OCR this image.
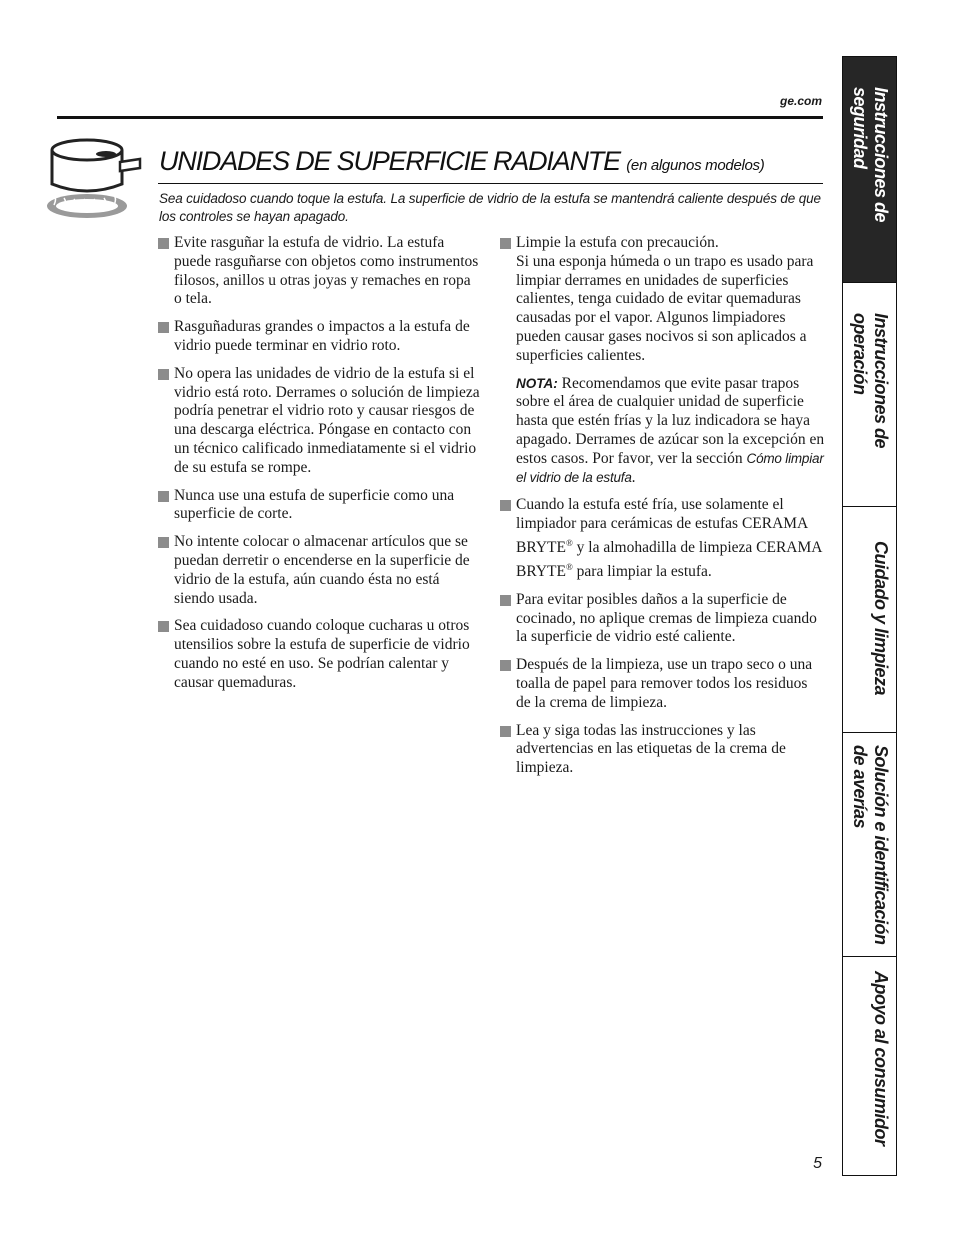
ge.com
UNIDADES DE SUPERFICIE RADIANTE (en algunos modelos)
Sea cuidadoso cuando toque la estufa. La superficie de vidrio de la estufa se mantendrá caliente después de que los controles se hayan apagado.
Evite rasguñar la estufa de vidrio. La estufa puede rasguñarse con objetos como instrumentos filosos, anillos u otras joyas y remaches en ropa o tela.
Rasguñaduras grandes o impactos a la estufa de vidrio puede terminar en vidrio roto.
No opera las unidades de vidrio de la estufa si el vidrio está roto. Derrames o solución de limpieza podría penetrar el vidrio roto y causar riesgos de una descarga eléctrica. Póngase en contacto con un técnico calificado inmediatamente si el vidrio de su estufa se rompe.
Nunca use una estufa de superficie como una superficie de corte.
No intente colocar o almacenar artículos que se puedan derretir o encenderse en la superficie de vidrio de la estufa, aún cuando ésta no está siendo usada.
Sea cuidadoso cuando coloque cucharas u otros utensilios sobre la estufa de superficie de vidrio cuando no esté en uso. Se podrían calentar y causar quemaduras.
Limpie la estufa con precaución.
Si una esponja húmeda o un trapo es usado para limpiar derrames en unidades de superficies calientes, tenga cuidado de evitar quemaduras causadas por el vapor. Algunos limpiadores pueden causar gases nocivos si son aplicados a superficies calientes.
NOTA: Recomendamos que evite pasar trapos sobre el área de cualquier unidad de superficie hasta que estén frías y la luz indicadora se haya apagado. Derrames de azúcar son la excepción en estos casos. Por favor, ver la sección Cómo limpiar el vidrio de la estufa.
Cuando la estufa esté fría, use solamente el limpiador para cerámicas de estufas CERAMA BRYTE® y la almohadilla de limpieza CERAMA BRYTE® para limpiar la estufa.
Para evitar posibles daños a la superficie de cocinado, no aplique cremas de limpieza cuando la superficie de vidrio esté caliente.
Después de la limpieza, use un trapo seco o una toalla de papel para remover todos los residuos de la crema de limpieza.
Lea y siga todas las instrucciones y las advertencias en las etiquetas de la crema de limpieza.
5
Instrucciones de
seguridad
Instrucciones de
operación
Cuidado y limpieza
Solución e identificación
de averías
Apoyo al consumidor
